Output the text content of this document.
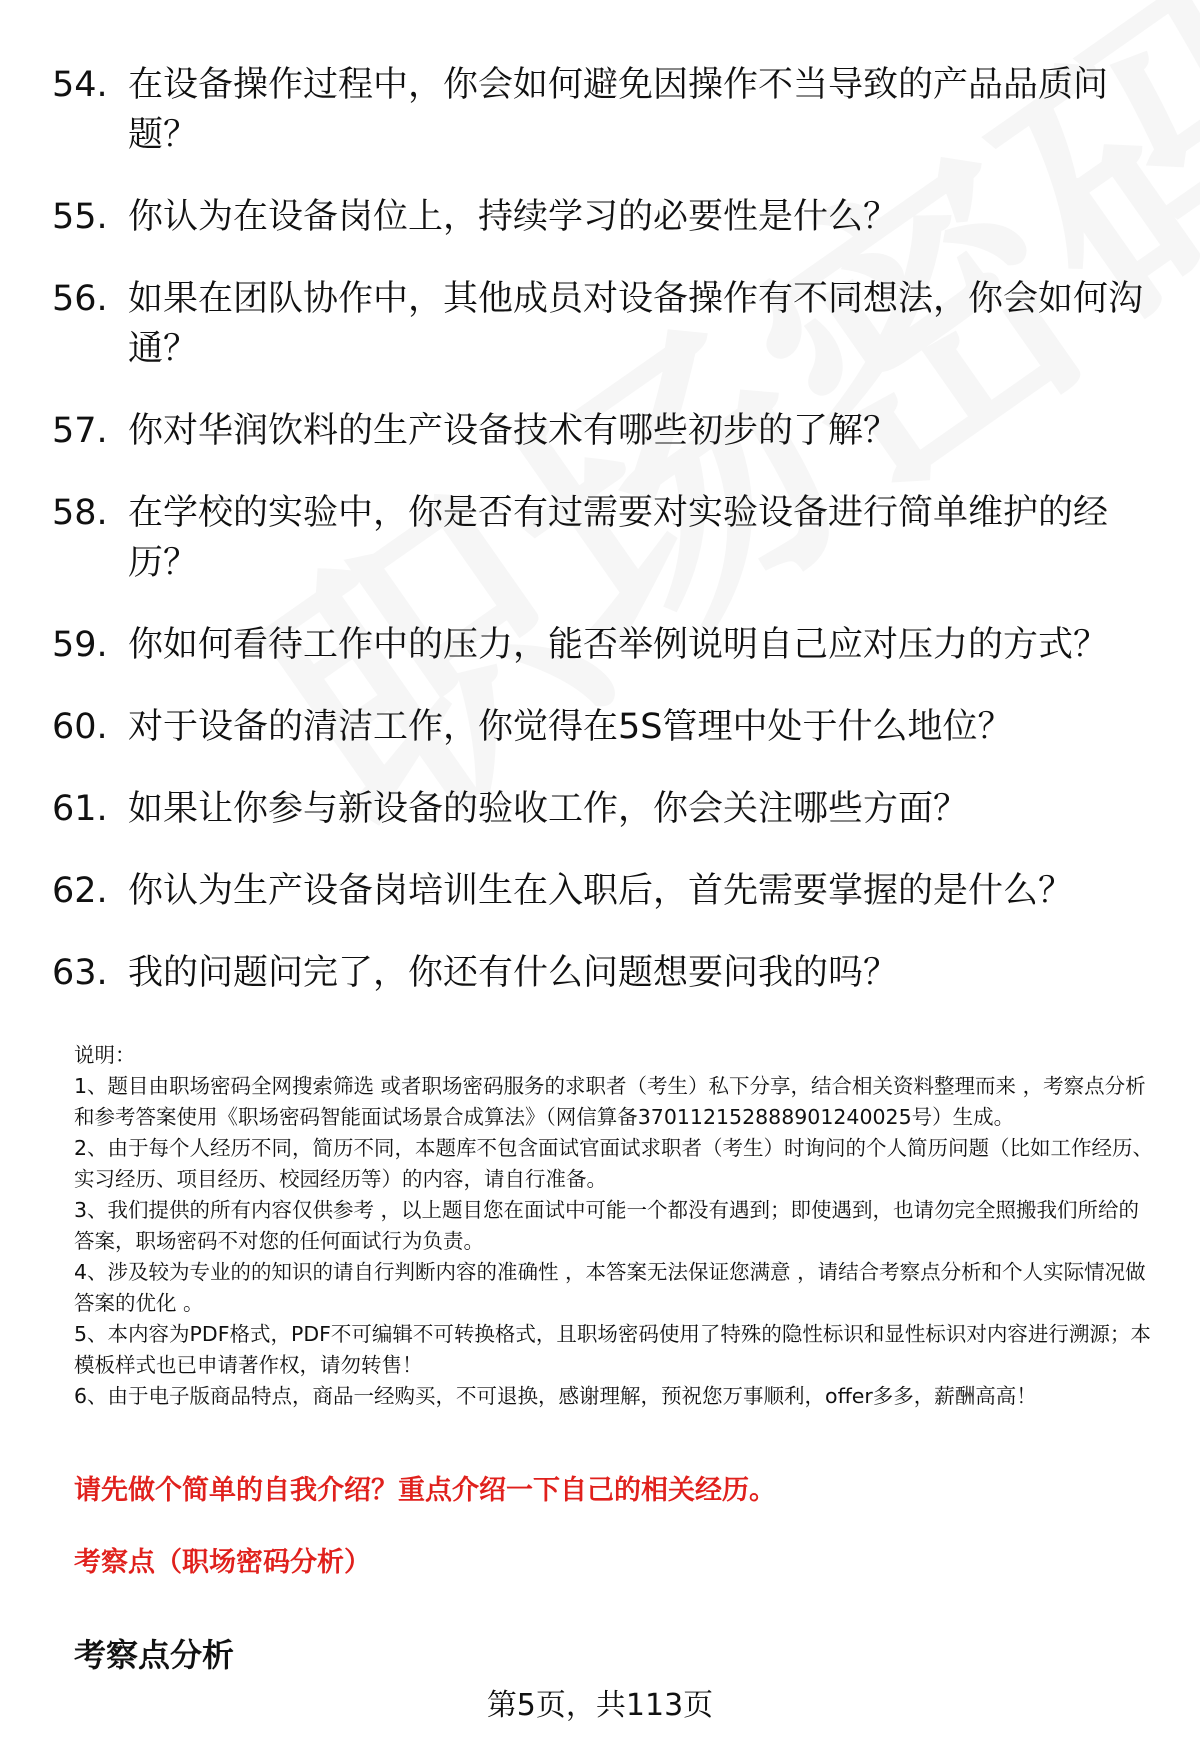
54. 在设备操作过程中，你会如何避免因操作不当导致的产品品质问题？
55. 你认为在设备岗位上，持续学习的必要性是什么？
56. 如果在团队协作中，其他成员对设备操作有不同想法，你会如何沟通？
57. 你对华润饮料的生产设备技术有哪些初步的了解？
58. 在学校的实验中，你是否有过需要对实验设备进行简单维护的经历？
59. 你如何看待工作中的压力，能否举例说明自己应对压力的方式？
60. 对于设备的清洁工作，你觉得在5S管理中处于什么地位？
61. 如果让你参与新设备的验收工作，你会关注哪些方面？
62. 你认为生产设备岗培训生在入职后，首先需要掌握的是什么？
63. 我的问题问完了，你还有什么问题想要问我的吗？

说明：

1、题目由职场密码全网搜索筛选 或者职场密码服务的求职者（考生）私下分享，结合相关资料整理而来 ，考察点分析和参考答案使用《职场密码智能面试场景合成算法》（网信算备370112152888901240025号）生成。

2、由于每个人经历不同，简历不同，本题库不包含面试官面试求职者（考生）时询问的个人简历问题（比如工作经历、实习经历、项目经历、校园经历等）的内容，请自行准备。

3、我们提供的所有内容仅供参考 ，以上题目您在面试中可能一个都没有遇到；即使遇到，也请勿完全照搬我们所给的答案，职场密码不对您的任何面试行为负责。

4、涉及较为专业的的知识的请自行判断内容的准确性 ，本答案无法保证您满意 ，请结合考察点分析和个人实际情况做答案的优化 。

5、本内容为PDF格式，PDF不可编辑不可转换格式，且职场密码使用了特殊的隐性标识和显性标识对内容进行溯源；本模板样式也已申请著作权，请勿转售！

6、由于电子版商品特点，商品一经购买，不可退换，感谢理解，预祝您万事顺利，offer多多，薪酬高高！

请先做个简单的自我介绍？重点介绍一下自己的相关经历。
考察点（职场密码分析）
考察点分析
第5页，共113页
